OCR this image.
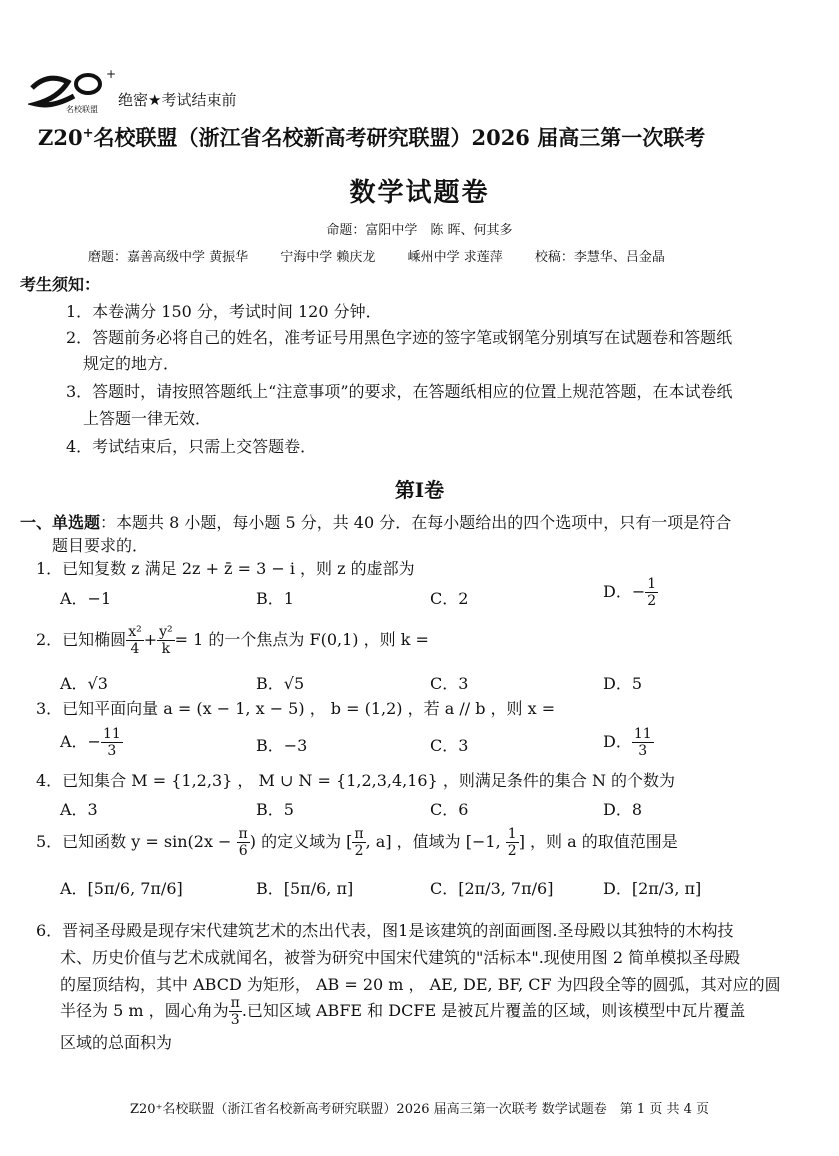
+
名校联盟
绝密★考试结束前
Z20+名校联盟（浙江省名校新高考研究联盟）2026 届高三第一次联考
数学试题卷
命题：富阳中学　陈 晖、何其多
磨题：嘉善高级中学 黄振华 宁海中学 赖庆龙 嵊州中学 求莲萍 校稿：李慧华、吕金晶
考生须知：
1．本卷满分 150 分，考试时间 120 分钟．
2．答题前务必将自己的姓名，准考证号用黑色字迹的签字笔或钢笔分别填写在试题卷和答题纸
规定的地方．
3．答题时，请按照答题纸上“注意事项”的要求，在答题纸相应的位置上规范答题，在本试卷纸
上答题一律无效．
4．考试结束后，只需上交答题卷．
第Ⅰ卷
一、单选题：本题共 8 小题，每小题 5 分，共 40 分．在每小题给出的四个选项中，只有一项是符合
题目要求的．
1．已知复数 z 满足 2z + z̄ = 3 − i ，则 z 的虚部为
A．−1	B．1	C．2	D．− $\frac{1}{2}$
2．已知椭圆 $\frac{\text{x²}}{4} + \frac{\text{y²}}{k} = 1$ 的一个焦点为 F(0,1) ，则 k =
A．√3	B．√5	C．3	D．5
3．已知平面向量 a = (x − 1, x − 5) ， b = (1,2) ，若 a // b ，则 x =
A．− $\frac{11}{3}$	B．−3	C．3	D． $\frac{11}{3}$
4．已知集合 M = {1,2,3} ， M ∪ N = {1,2,3,4,16} ，则满足条件的集合 N 的个数为
A．3	B．5	C．6	D．8
5．已知函数 $y = \sin(2x - \frac{\pi}{6}$ ) 的定义域为 [ $\frac{\pi}{2}$ , a] ，值域为 [−1, $\frac{1}{2}$ ] ，则 a 的取值范围是
A．[5π/6, 7π/6]	B．[5π/6, π]	C．[2π/3, 7π/6]	D．[2π/3, π]
6．晋祠圣母殿是现存宋代建筑艺术的杰出代表，图1是该建筑的剖面画图.圣母殿以其独特的木构技
术、历史价值与艺术成就闻名，被誉为研究中国宋代建筑的"活标本".现使用图 2 简单模拟圣母殿
的屋顶结构，其中 ABCD 为矩形， AB = 20 m ， AE, DE, BF, CF 为四段全等的圆弧，其对应的圆
半径为 5 m ，圆心角为 $\frac{\pi}{3}$ .已知区域 ABFE 和 DCFE 是被瓦片覆盖的区域，则该模型中瓦片覆盖
区域的总面积为
Z20⁺名校联盟（浙江省名校新高考研究联盟）2026 届高三第一次联考 数学试题卷　第 1 页 共 4 页
